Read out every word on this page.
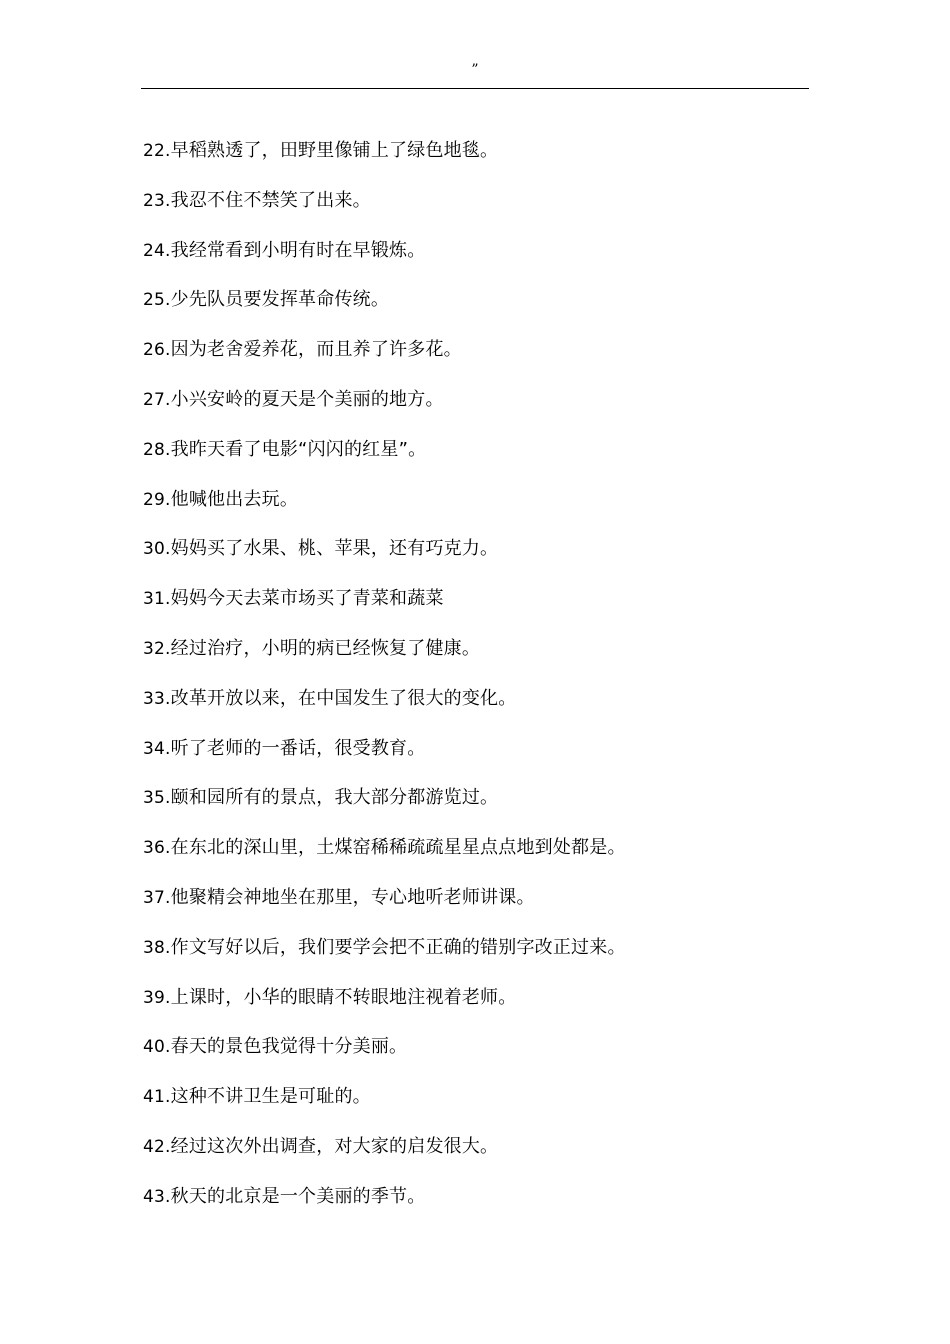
”
22.早稻熟透了，田野里像铺上了绿色地毯。
23.我忍不住不禁笑了出来。
24.我经常看到小明有时在早锻炼。
25.少先队员要发挥革命传统。
26.因为老舍爱养花，而且养了许多花。
27.小兴安岭的夏天是个美丽的地方。
28.我昨天看了电影“闪闪的红星”。
29.他喊他出去玩。
30.妈妈买了水果、桃、苹果，还有巧克力。
31.妈妈今天去菜市场买了青菜和蔬菜
32.经过治疗，小明的病已经恢复了健康。
33.改革开放以来，在中国发生了很大的变化。
34.听了老师的一番话，很受教育。
35.颐和园所有的景点，我大部分都游览过。
36.在东北的深山里，土煤窑稀稀疏疏星星点点地到处都是。
37.他聚精会神地坐在那里，专心地听老师讲课。
38.作文写好以后，我们要学会把不正确的错别字改正过来。
39.上课时，小华的眼睛不转眼地注视着老师。
40.春天的景色我觉得十分美丽。
41.这种不讲卫生是可耻的。
42.经过这次外出调查，对大家的启发很大。
43.秋天的北京是一个美丽的季节。
